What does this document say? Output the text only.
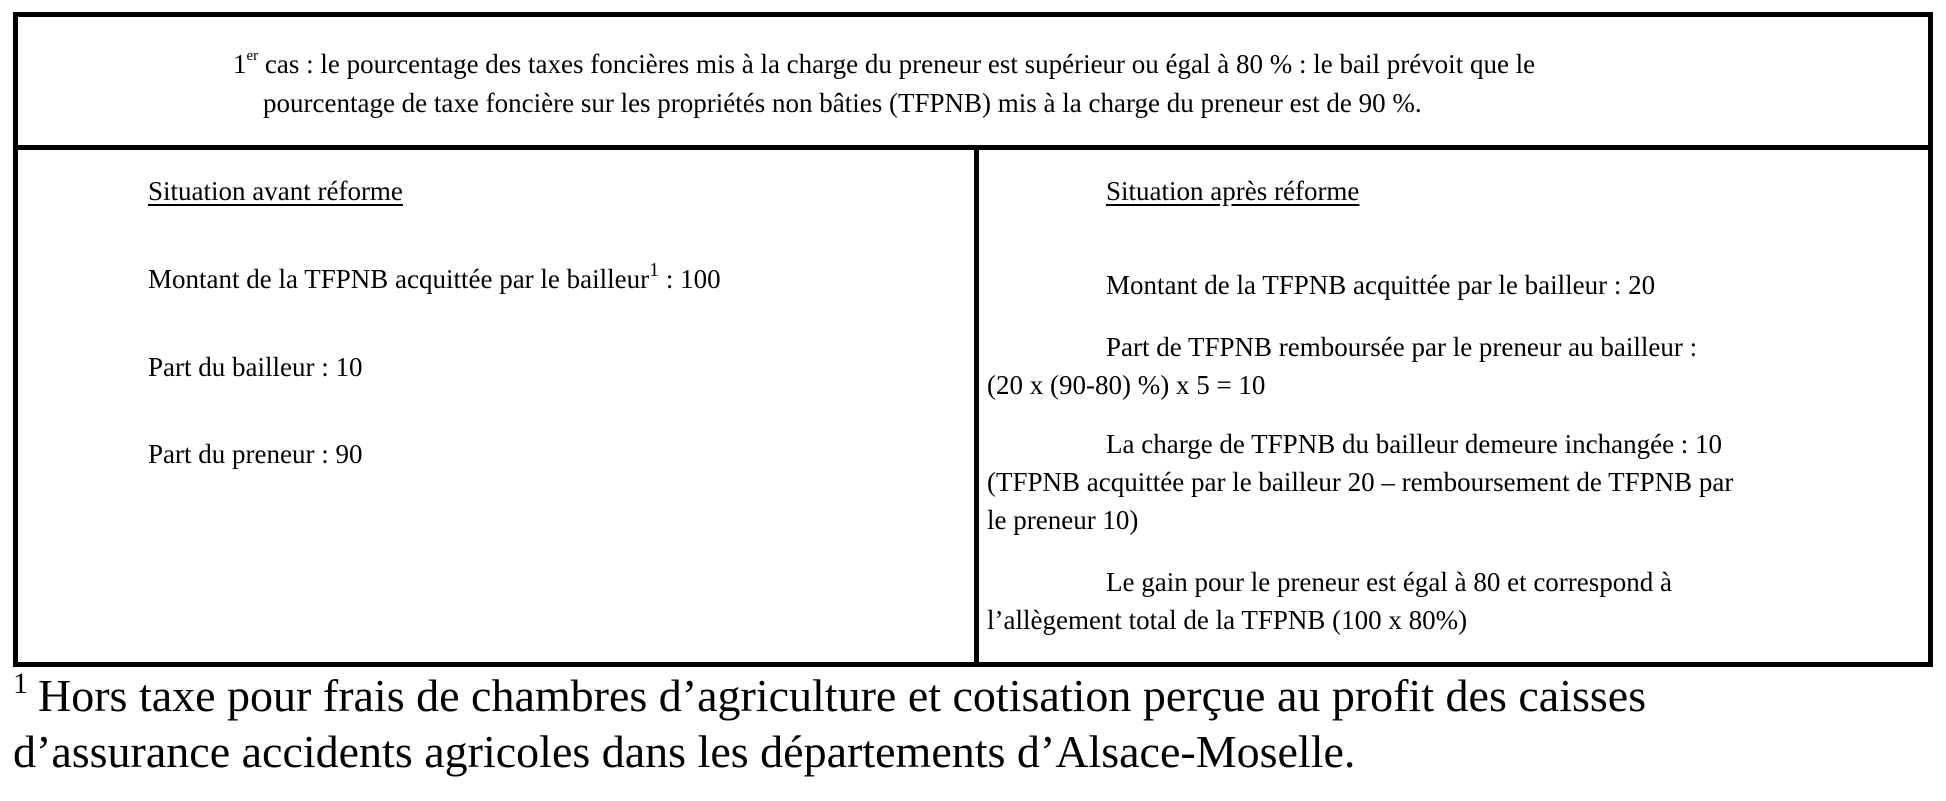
1er cas : le pourcentage des taxes foncières mis à la charge du preneur est supérieur ou égal à 80 % : le bail prévoit que le
pourcentage de taxe foncière sur les propriétés non bâties (TFPNB) mis à la charge du preneur est de 90 %.
Situation avant réforme
Montant de la TFPNB acquittée par le bailleur$^1$ : 100
Part du bailleur : 10
Part du preneur : 90
Situation après réforme
Montant de la TFPNB acquittée par le bailleur : 20
Part de TFPNB remboursée par le preneur au bailleur :
(20 x (90-80) %) x 5 = 10
La charge de TFPNB du bailleur demeure inchangée : 10
(TFPNB acquittée par le bailleur 20 – remboursement de TFPNB par
le preneur 10)
Le gain pour le preneur est égal à 80 et correspond à
l’allègement total de la TFPNB (100 x 80%)
$^1$ Hors taxe pour frais de chambres d’agriculture et cotisation perçue au profit des caisses
d’assurance accidents agricoles dans les départements d’Alsace-Moselle.
